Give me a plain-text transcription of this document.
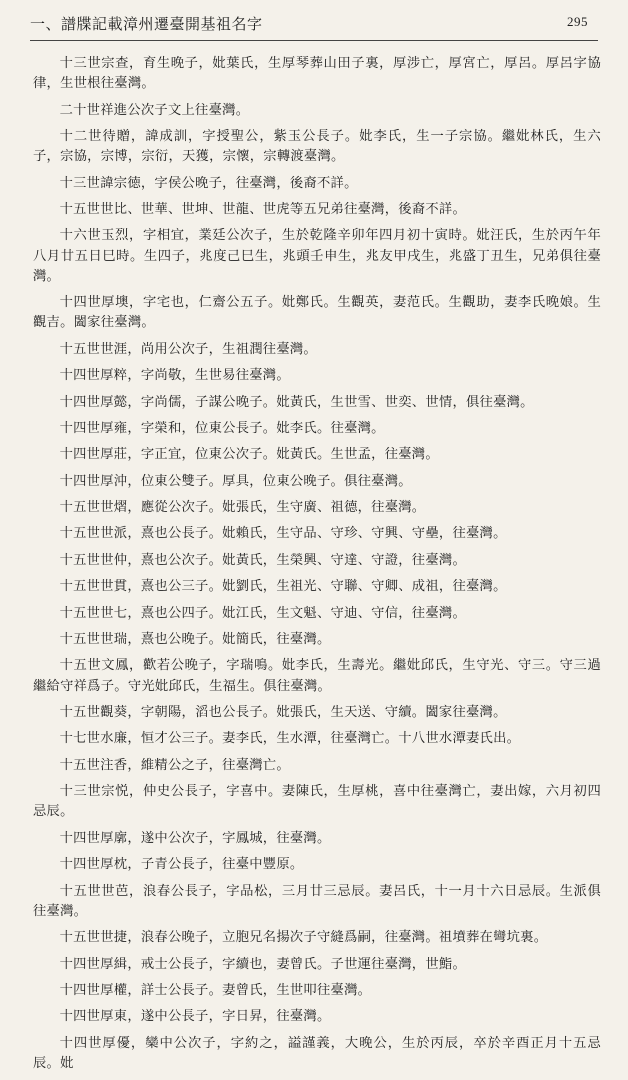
一、譜牒記載漳州遷臺開基祖名字	295

十三世宗查，育生晚子，妣葉氏，生厚琴葬山田子裏，厚涉亡，厚宮亡，厚呂。厚呂字協律，生世根往臺灣。

二十世祥進公次子文上往臺灣。

十二世待贈，諱成訓，字授聖公，紫玉公長子。妣李氏，生一子宗協。繼妣林氏，生六子，宗協，宗博，宗衍，天獲，宗懷，宗轉渡臺灣。

十三世諱宗徳，字侯公晚子，往臺灣，後裔不詳。

十五世世比、世華、世坤、世龍、世虎等五兄弟往臺灣，後裔不詳。

十六世玉烈，字相宜，業廷公次子，生於乾隆辛卯年四月初十寅時。妣汪氏，生於丙午年八月廿五日巳時。生四子，兆度己巳生，兆頭壬申生，兆友甲戌生，兆盛丁丑生，兄弟俱往臺灣。

十四世厚墺，字宅也，仁齋公五子。妣鄭氏。生觀英，妻范氏。生觀助，妻李氏晚娘。生觀吉。闔家往臺灣。

十五世世涯，尚用公次子，生祖潤往臺灣。

十四世厚粹，字尚敬，生世易往臺灣。

十四世厚懿，字尚儒，子謀公晚子。妣黃氏，生世雪、世奕、世情，俱往臺灣。

十四世厚雍，字榮和，位東公長子。妣李氏。往臺灣。

十四世厚莊，字正宜，位東公次子。妣黃氏。生世孟，往臺灣。

十四世厚沖，位東公雙子。厚具，位東公晚子。俱往臺灣。

十五世世熠，應從公次子。妣張氏，生守廣、祖德，往臺灣。

十五世世派，熹也公長子。妣賴氏，生守品、守珍、守興、守壘，往臺灣。

十五世世仲，熹也公次子。妣黃氏，生榮興、守達、守證，往臺灣。

十五世世貫，熹也公三子。妣劉氏，生祖光、守聯、守卿、成祖，往臺灣。

十五世世七，熹也公四子。妣江氏，生文魁、守迪、守信，往臺灣。

十五世世瑞，熹也公晚子。妣簡氏，往臺灣。

十五世文鳳，歡若公晚子，字瑞鳴。妣李氏，生壽光。繼妣邱氏，生守光、守三。守三過繼給守祥爲子。守光妣邱氏，生福生。俱往臺灣。

十五世觀葵，字朝陽，滔也公長子。妣張氏，生天送、守續。闔家往臺灣。

十七世水廉，恒才公三子。妻李氏，生水潭，往臺灣亡。十八世水潭妻氏出。

十五世注香，維精公之子，往臺灣亡。

十三世宗悦，仲史公長子，字喜中。妻陳氏，生厚桃，喜中往臺灣亡，妻出嫁，六月初四忌辰。

十四世厚廓，遂中公次子，字鳳城，往臺灣。

十四世厚枕，子青公長子，往臺中豐原。

十五世世芭，浪春公長子，字品松，三月廿三忌辰。妻呂氏，十一月十六日忌辰。生派俱往臺灣。

十五世世捷，浪春公晚子，立胞兄名揚次子守縫爲嗣，往臺灣。祖墳葬在彎坑裏。

十四世厚緝，戒士公長子，字續也，妻曾氏。子世運往臺灣，世鮨。

十四世厚權，詳士公長子。妻曾氏，生世叩往臺灣。

十四世厚東，遂中公長子，字日昇，往臺灣。

十四世厚優，欒中公次子，字約之，謚謹義，大晚公，生於丙辰，卒於辛酉正月十五忌辰。妣
